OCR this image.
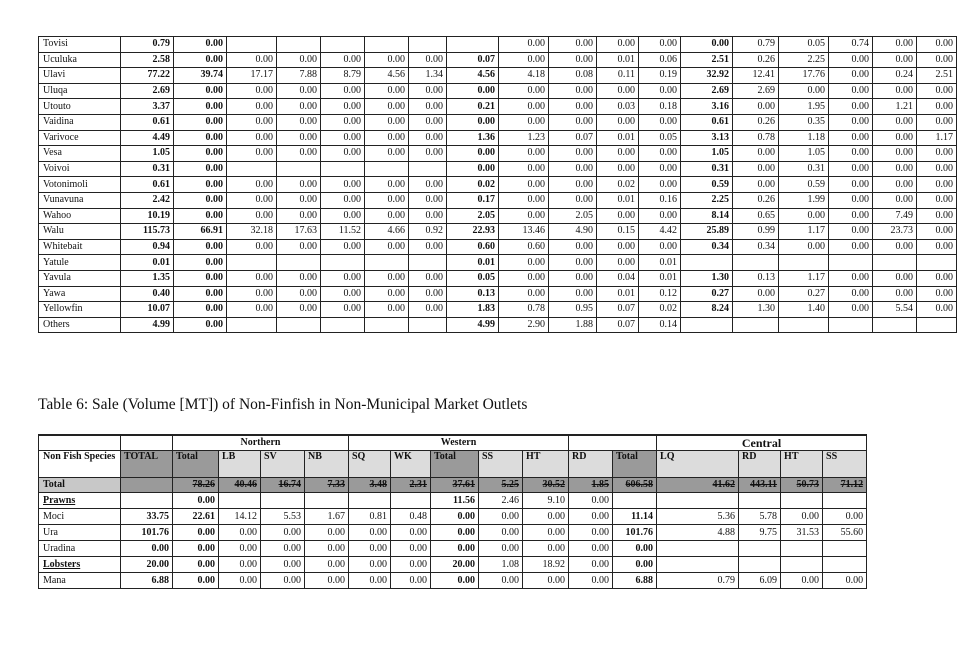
Tovisi	0.79	0.00							0.00	0.00	0.00	0.00	0.00	0.79	0.05	0.74	0.00	0.00	
Uculuka	2.58	0.00	0.00	0.00	0.00	0.00	0.00	0.07	0.00	0.00	0.01	0.06	2.51	0.26	2.25	0.00	0.00	0.00	
Ulavi	77.22	39.74	17.17	7.88	8.79	4.56	1.34	4.56	4.18	0.08	0.11	0.19	32.92	12.41	17.76	0.00	0.24	2.51	
Uluqa	2.69	0.00	0.00	0.00	0.00	0.00	0.00	0.00	0.00	0.00	0.00	0.00	2.69	2.69	0.00	0.00	0.00	0.00	
Utouto	3.37	0.00	0.00	0.00	0.00	0.00	0.00	0.21	0.00	0.00	0.03	0.18	3.16	0.00	1.95	0.00	1.21	0.00	
Vaidina	0.61	0.00	0.00	0.00	0.00	0.00	0.00	0.00	0.00	0.00	0.00	0.00	0.61	0.26	0.35	0.00	0.00	0.00	
Varivoce	4.49	0.00	0.00	0.00	0.00	0.00	0.00	1.36	1.23	0.07	0.01	0.05	3.13	0.78	1.18	0.00	0.00	1.17	
Vesa	1.05	0.00	0.00	0.00	0.00	0.00	0.00	0.00	0.00	0.00	0.00	0.00	1.05	0.00	1.05	0.00	0.00	0.00	
Voivoi	0.31	0.00						0.00	0.00	0.00	0.00	0.00	0.31	0.00	0.31	0.00	0.00	0.00	
Votonimoli	0.61	0.00	0.00	0.00	0.00	0.00	0.00	0.02	0.00	0.00	0.02	0.00	0.59	0.00	0.59	0.00	0.00	0.00	
Vunavuna	2.42	0.00	0.00	0.00	0.00	0.00	0.00	0.17	0.00	0.00	0.01	0.16	2.25	0.26	1.99	0.00	0.00	0.00	
Wahoo	10.19	0.00	0.00	0.00	0.00	0.00	0.00	2.05	0.00	2.05	0.00	0.00	8.14	0.65	0.00	0.00	7.49	0.00	
Walu	115.73	66.91	32.18	17.63	11.52	4.66	0.92	22.93	13.46	4.90	0.15	4.42	25.89	0.99	1.17	0.00	23.73	0.00	
Whitebait	0.94	0.00	0.00	0.00	0.00	0.00	0.00	0.60	0.60	0.00	0.00	0.00	0.34	0.34	0.00	0.00	0.00	0.00	
Yatule	0.01	0.00						0.01	0.00	0.00	0.00	0.01							
Yavula	1.35	0.00	0.00	0.00	0.00	0.00	0.00	0.05	0.00	0.00	0.04	0.01	1.30	0.13	1.17	0.00	0.00	0.00	
Yawa	0.40	0.00	0.00	0.00	0.00	0.00	0.00	0.13	0.00	0.00	0.01	0.12	0.27	0.00	0.27	0.00	0.00	0.00	
Yellowfin	10.07	0.00	0.00	0.00	0.00	0.00	0.00	1.83	0.78	0.95	0.07	0.02	8.24	1.30	1.40	0.00	5.54	0.00	
Others	4.99	0.00						4.99	2.90	1.88	0.07	0.14							

Table 6: Sale (Volume [MT]) of Non-Finfish in Non-Municipal Market Outlets

		Northern				Western							Central			
Non Fish Species	TOTAL	Total	LB	SV	NB	SQ	WK	Total	SS	HT	RD	Total	LQ	RD	HT	SS
Total		78.26	40.46	16.74	7.33	3.48	2.31	37.61	5.25	30.52	1.85	606.58	41.62	443.11	50.73	71.12
Prawns		0.00						11.56	2.46	9.10	0.00					
Moci	33.75	22.61	14.12	5.53	1.67	0.81	0.48	0.00	0.00	0.00	0.00	11.14	5.36	5.78	0.00	0.00
Ura	101.76	0.00	0.00	0.00	0.00	0.00	0.00	0.00	0.00	0.00	0.00	101.76	4.88	9.75	31.53	55.60
Uradina	0.00	0.00	0.00	0.00	0.00	0.00	0.00	0.00	0.00	0.00	0.00	0.00				
Lobsters	20.00	0.00	0.00	0.00	0.00	0.00	0.00	20.00	1.08	18.92	0.00	0.00				
Mana	6.88	0.00	0.00	0.00	0.00	0.00	0.00	0.00	0.00	0.00	0.00	6.88	0.79	6.09	0.00	0.00
